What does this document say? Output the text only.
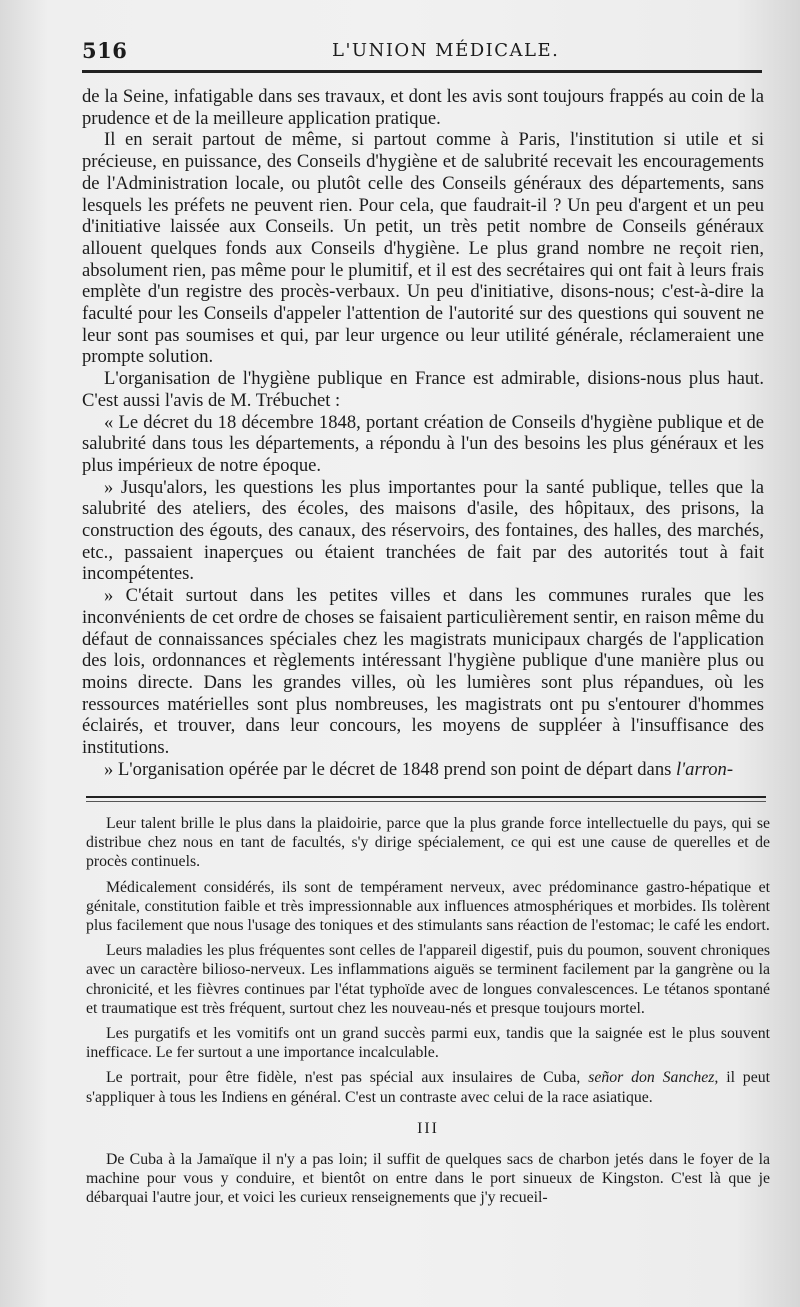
516	L'UNION MÉDICALE.

de la Seine, infatigable dans ses travaux, et dont les avis sont toujours frappés au coin de la prudence et de la meilleure application pratique.

Il en serait partout de même, si partout comme à Paris, l'institution si utile et si précieuse, en puissance, des Conseils d'hygiène et de salubrité recevait les encouragements de l'Administration locale, ou plutôt celle des Conseils généraux des départements, sans lesquels les préfets ne peuvent rien. Pour cela, que faudrait-il ? Un peu d'argent et un peu d'initiative laissée aux Conseils. Un petit, un très petit nombre de Conseils généraux allouent quelques fonds aux Conseils d'hygiène. Le plus grand nombre ne reçoit rien, absolument rien, pas même pour le plumitif, et il est des secrétaires qui ont fait à leurs frais emplète d'un registre des procès-verbaux. Un peu d'initiative, disons-nous; c'est-à-dire la faculté pour les Conseils d'appeler l'attention de l'autorité sur des questions qui souvent ne leur sont pas soumises et qui, par leur urgence ou leur utilité générale, réclameraient une prompte solution.

L'organisation de l'hygiène publique en France est admirable, disions-nous plus haut. C'est aussi l'avis de M. Trébuchet :

« Le décret du 18 décembre 1848, portant création de Conseils d'hygiène publique et de salubrité dans tous les départements, a répondu à l'un des besoins les plus généraux et les plus impérieux de notre époque.

» Jusqu'alors, les questions les plus importantes pour la santé publique, telles que la salubrité des ateliers, des écoles, des maisons d'asile, des hôpitaux, des prisons, la construction des égouts, des canaux, des réservoirs, des fontaines, des halles, des marchés, etc., passaient inaperçues ou étaient tranchées de fait par des autorités tout à fait incompétentes.

» C'était surtout dans les petites villes et dans les communes rurales que les inconvénients de cet ordre de choses se faisaient particulièrement sentir, en raison même du défaut de connaissances spéciales chez les magistrats municipaux chargés de l'application des lois, ordonnances et règlements intéressant l'hygiène publique d'une manière plus ou moins directe. Dans les grandes villes, où les lumières sont plus répandues, où les ressources matérielles sont plus nombreuses, les magistrats ont pu s'entourer d'hommes éclairés, et trouver, dans leur concours, les moyens de suppléer à l'insuffisance des institutions.

» L'organisation opérée par le décret de 1848 prend son point de départ dans l'arron-

Leur talent brille le plus dans la plaidoirie, parce que la plus grande force intellectuelle du pays, qui se distribue chez nous en tant de facultés, s'y dirige spécialement, ce qui est une cause de querelles et de procès continuels.

Médicalement considérés, ils sont de tempérament nerveux, avec prédominance gastro-hépatique et génitale, constitution faible et très impressionnable aux influences atmosphériques et morbides. Ils tolèrent plus facilement que nous l'usage des toniques et des stimulants sans réaction de l'estomac; le café les endort.

Leurs maladies les plus fréquentes sont celles de l'appareil digestif, puis du poumon, souvent chroniques avec un caractère bilioso-nerveux. Les inflammations aiguës se terminent facilement par la gangrène ou la chronicité, et les fièvres continues par l'état typhoïde avec de longues convalescences. Le tétanos spontané et traumatique est très fréquent, surtout chez les nouveau-nés et presque toujours mortel.

Les purgatifs et les vomitifs ont un grand succès parmi eux, tandis que la saignée est le plus souvent inefficace. Le fer surtout a une importance incalculable.

Le portrait, pour être fidèle, n'est pas spécial aux insulaires de Cuba, señor don Sanchez, il peut s'appliquer à tous les Indiens en général. C'est un contraste avec celui de la race asiatique.

III

De Cuba à la Jamaïque il n'y a pas loin; il suffit de quelques sacs de charbon jetés dans le foyer de la machine pour vous y conduire, et bientôt on entre dans le port sinueux de Kingston. C'est là que je débarquai l'autre jour, et voici les curieux renseignements que j'y recueil-
